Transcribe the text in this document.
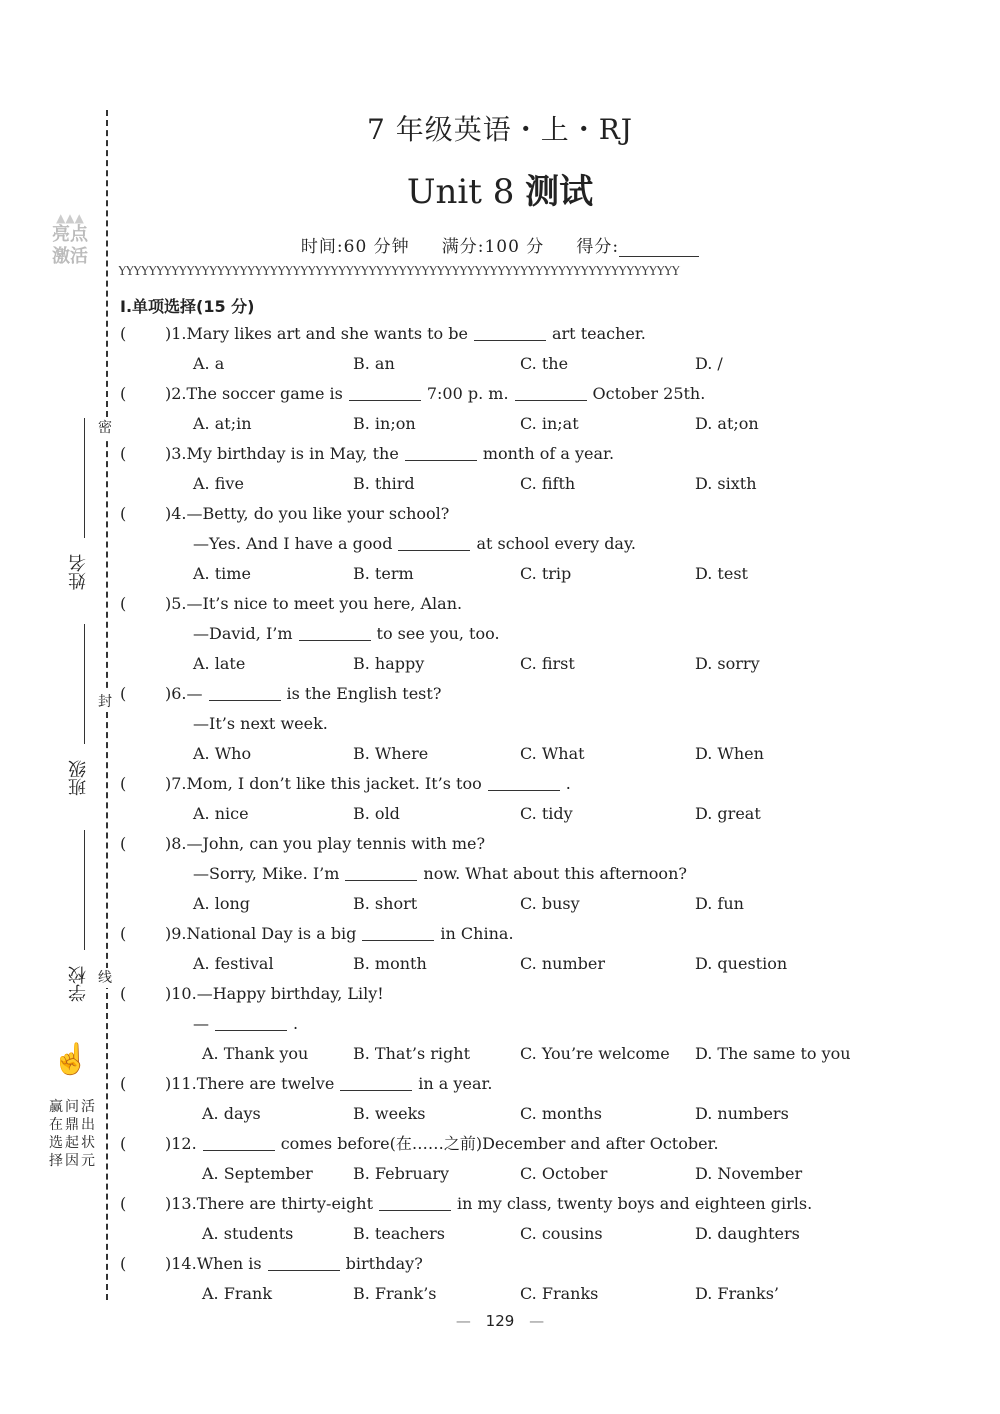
▲▲▲
亮点
激活
密
封
线
姓名
班级
学校
☝
赢在选择
问鼎起因
活出状元
7 年级英语・上・RJ
Unit 8 测试
时间:60 分钟 满分:100 分 得分:
ΥΥΥΥΥΥΥΥΥΥΥΥΥΥΥΥΥΥΥΥΥΥΥΥΥΥΥΥΥΥΥΥΥΥΥΥΥΥΥΥΥΥΥΥΥΥΥΥΥΥΥΥΥΥΥΥΥΥΥΥΥΥΥΥΥΥΥΥΥΥΥΥΥΥ
Ⅰ.单项选择(15 分)
( )1.Mary likes art and she wants to be	art teacher.
A. a	B. an	C. the	D. /
( )2.The soccer game is	7:00 p. m.	October 25th.
A. at;in	B. in;on	C. in;at	D. at;on
( )3.My birthday is in May, the	month of a year.
A. five	B. third	C. fifth	D. sixth
( )4.—Betty, do you like your school?
—Yes. And I have a good	at school every day.
A. time	B. term	C. trip	D. test
( )5.—It’s nice to meet you here, Alan.
—David, I’m	to see you, too.
A. late	B. happy	C. first	D. sorry
( )6.—	is the English test?
—It’s next week.
A. Who	B. Where	C. What	D. When
( )7.Mom, I don’t like this jacket. It’s too	.
A. nice	B. old	C. tidy	D. great
( )8.—John, can you play tennis with me?
—Sorry, Mike. I’m	now. What about this afternoon?
A. long	B. short	C. busy	D. fun
( )9.National Day is a big	in China.
A. festival	B. month	C. number	D. question
( )10.—Happy birthday, Lily!
—	.
A. Thank you	B. That’s right	C. You’re welcome D. The same to you
( )11.There are twelve	in a year.
A. days	B. weeks	C. months	D. numbers
( )12.	comes before(在……之前)December and after October.
A. September	B. February	C. October	D. November
( )13.There are thirty-eight	in my class, twenty boys and eighteen girls.
A. students	B. teachers	C. cousins	D. daughters
( )14.When is	birthday?
A. Frank	B. Frank’s	C. Franks	D. Franks’
— 129 —
